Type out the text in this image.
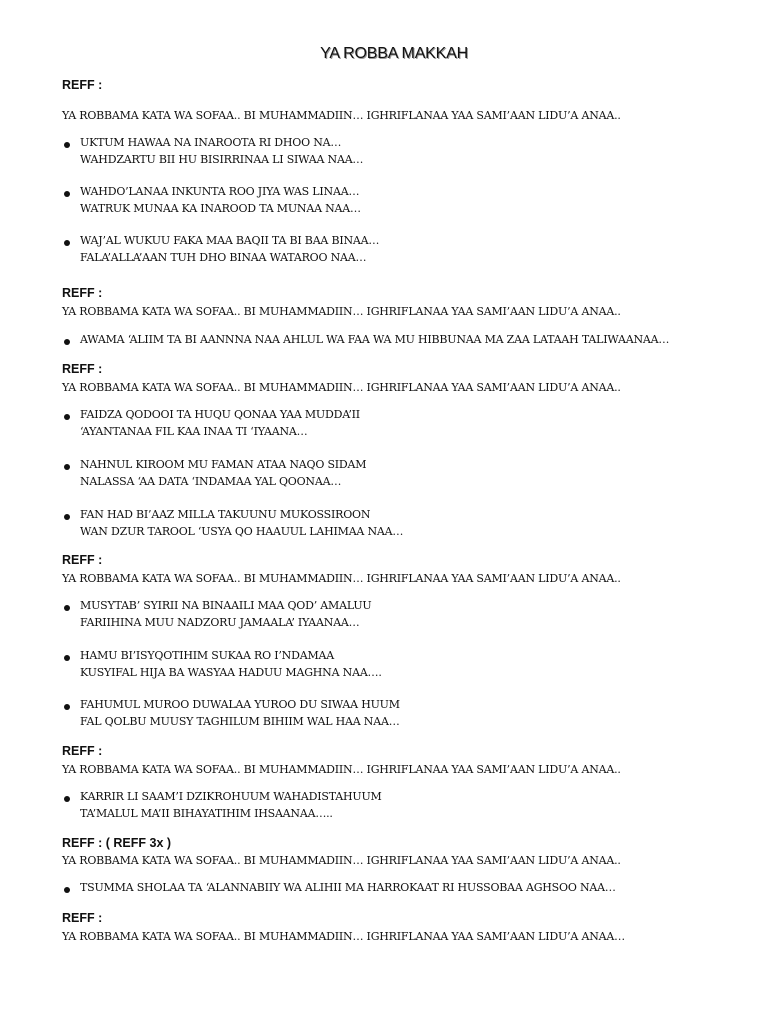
YA ROBBA MAKKAH
REFF :
YA ROBBAMA KATA WA SOFAA.. BI MUHAMMADIIN… IGHRIFLANAA YAA SAMI’AAN LIDU’A ANAA..
UKTUM HAWAA NA INAROOTA RI DHOO NA…
WAHDZARTU BII HU BISIRRINAA LI SIWAA NAA…
WAHDO’LANAA INKUNTA ROO JIYA WAS LINAA…
WATRUK MUNAA KA INAROOD TA MUNAA NAA…
WAJ’AL WUKUU FAKA MAA BAQII TA BI BAA BINAA…
FALA’ALLA’AAN TUH DHO BINAA WATAROO NAA…
REFF :
YA ROBBAMA KATA WA SOFAA.. BI MUHAMMADIIN… IGHRIFLANAA YAA SAMI’AAN LIDU’A ANAA..
AWAMA ‘ALIIM TA BI AANNNA NAA AHLUL WA FAA WA MU HIBBUNAA MA ZAA LATAAH TALIWAANAA…
REFF :
YA ROBBAMA KATA WA SOFAA.. BI MUHAMMADIIN… IGHRIFLANAA YAA SAMI’AAN LIDU’A ANAA..
FAIDZA QODOOI TA HUQU QONAA YAA MUDDA’II
‘AYANTANAA FIL KAA INAA TI ‘IYAANA…
NAHNUL KIROOM MU FAMAN ATAA NAQO SIDAM
NALASSA ‘AA DATA ‘INDAMAA YAL QOONAA…
FAN HAD BI’AAZ MILLA TAKUUNU MUKOSSIROON
WAN DZUR TAROOL ‘USYA QO HAAUUL LAHIMAA NAA…
REFF :
YA ROBBAMA KATA WA SOFAA.. BI MUHAMMADIIN… IGHRIFLANAA YAA SAMI’AAN LIDU’A ANAA..
MUSYTAB’ SYIRII NA BINAAILI MAA QOD’ AMALUU
FARIIHINA MUU NADZORU JAMAALA’ IYAANAA…
HAMU BI’ISYQOTIHIM SUKAA RO I’NDAMAA
KUSYIFAL HIJA BA WASYAA HADUU MAGHNA NAA….
FAHUMUL MUROO DUWALAA YUROO DU SIWAA HUUM
FAL QOLBU MUUSY TAGHILUM BIHIIM WAL HAA NAA…
REFF :
YA ROBBAMA KATA WA SOFAA.. BI MUHAMMADIIN… IGHRIFLANAA YAA SAMI’AAN LIDU’A ANAA..
KARRIR LI SAAM’I DZIKROHUUM WAHADISTAHUUM
TA’MALUL MA’II BIHAYATIHIM IHSAANAA…..
REFF : ( REFF 3x )
YA ROBBAMA KATA WA SOFAA.. BI MUHAMMADIIN… IGHRIFLANAA YAA SAMI’AAN LIDU’A ANAA..
TSUMMA SHOLAA TA ‘ALANNABIIY WA ALIHII MA HARROKAAT RI HUSSOBAA AGHSOO NAA…
REFF :
YA ROBBAMA KATA WA SOFAA.. BI MUHAMMADIIN… IGHRIFLANAA YAA SAMI’AAN LIDU’A ANAA…
